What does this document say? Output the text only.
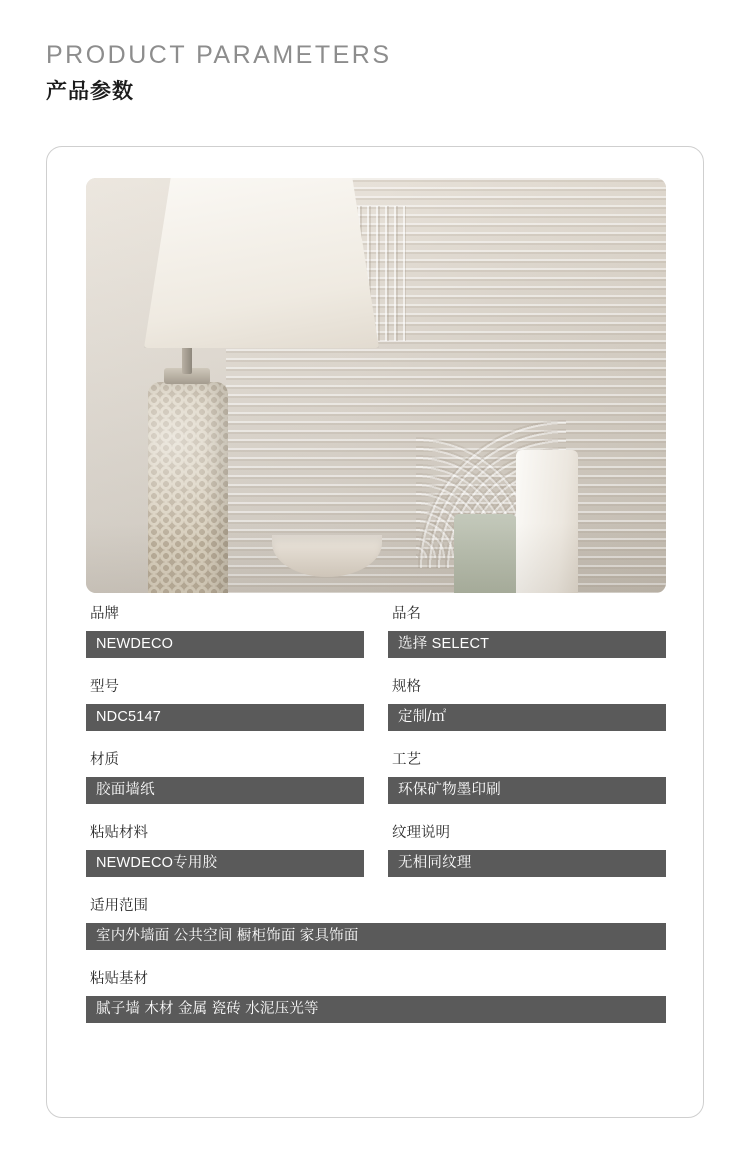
PRODUCT PARAMETERS
产品参数
品牌
NEWDECO
品名
选择 SELECT
型号
NDC5147
规格
定制/㎡
材质
胶面墙纸
工艺
环保矿物墨印刷
粘贴材料
NEWDECO专用胶
纹理说明
无相同纹理
适用范围
室内外墙面 公共空间 橱柜饰面 家具饰面
粘贴基材
腻子墙 木材 金属 瓷砖 水泥压光等
